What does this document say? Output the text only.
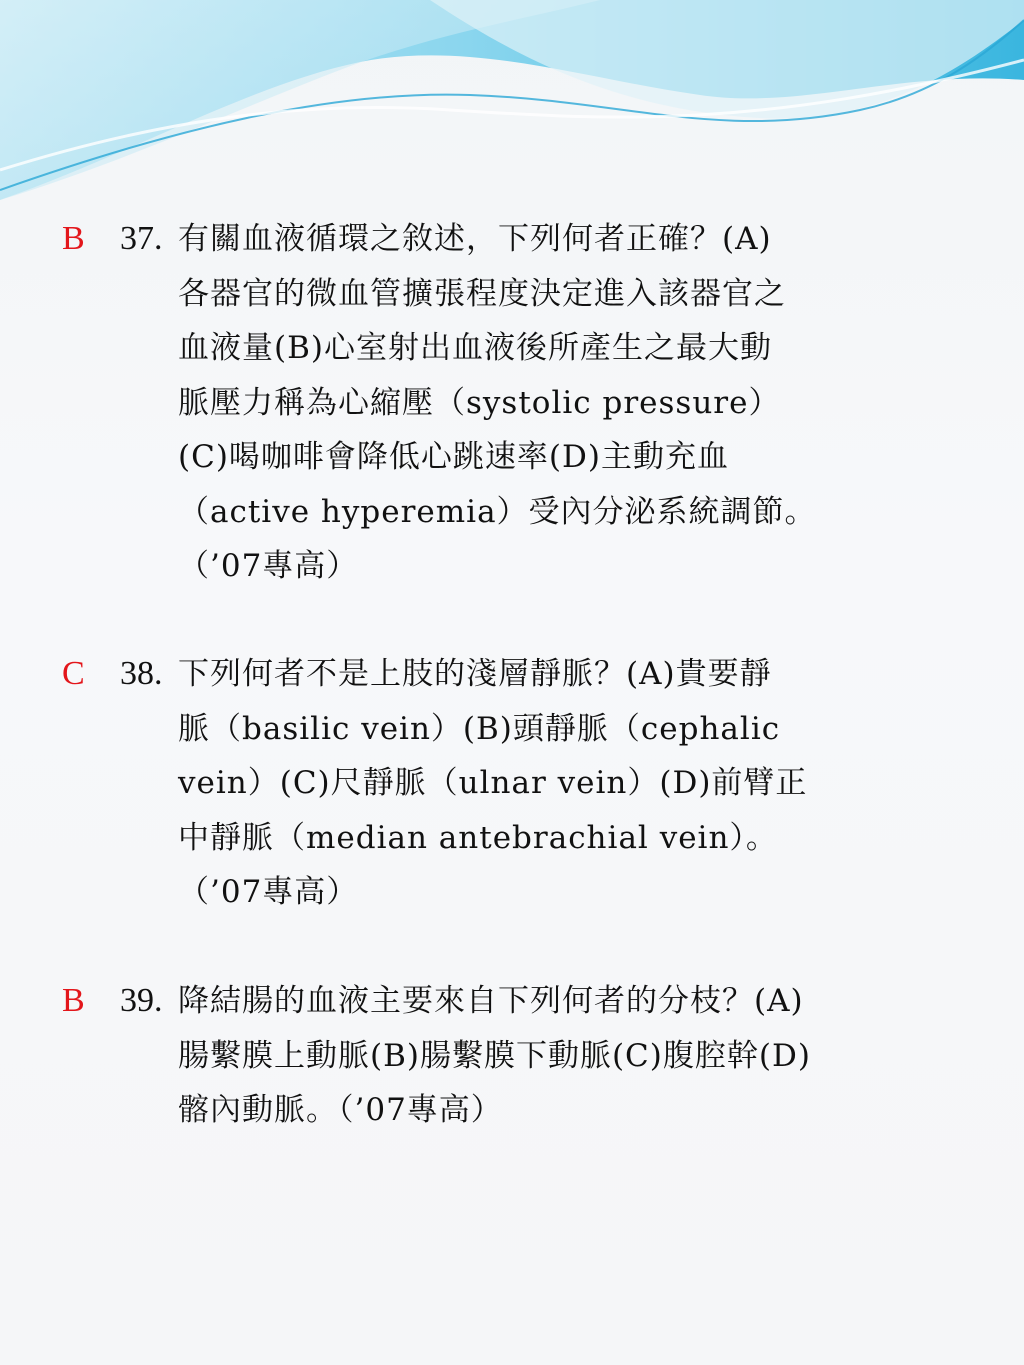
B 37. 有關血液循環之敘述，下列何者正確？(A)
各器官的微血管擴張程度決定進入該器官之
血液量(B)心室射出血液後所產生之最大動
脈壓力稱為心縮壓（systolic pressure）
(C)喝咖啡會降低心跳速率(D)主動充血
（active hyperemia）受內分泌系統調節。
（’07專高）
C 38. 下列何者不是上肢的淺層靜脈？(A)貴要靜
脈（basilic vein）(B)頭靜脈（cephalic
vein）(C)尺靜脈（ulnar vein）(D)前臂正
中靜脈（median antebrachial vein）。
（’07專高）
B 39. 降結腸的血液主要來自下列何者的分枝？(A)
腸繫膜上動脈(B)腸繫膜下動脈(C)腹腔幹(D)
髂內動脈。（’07專高）
